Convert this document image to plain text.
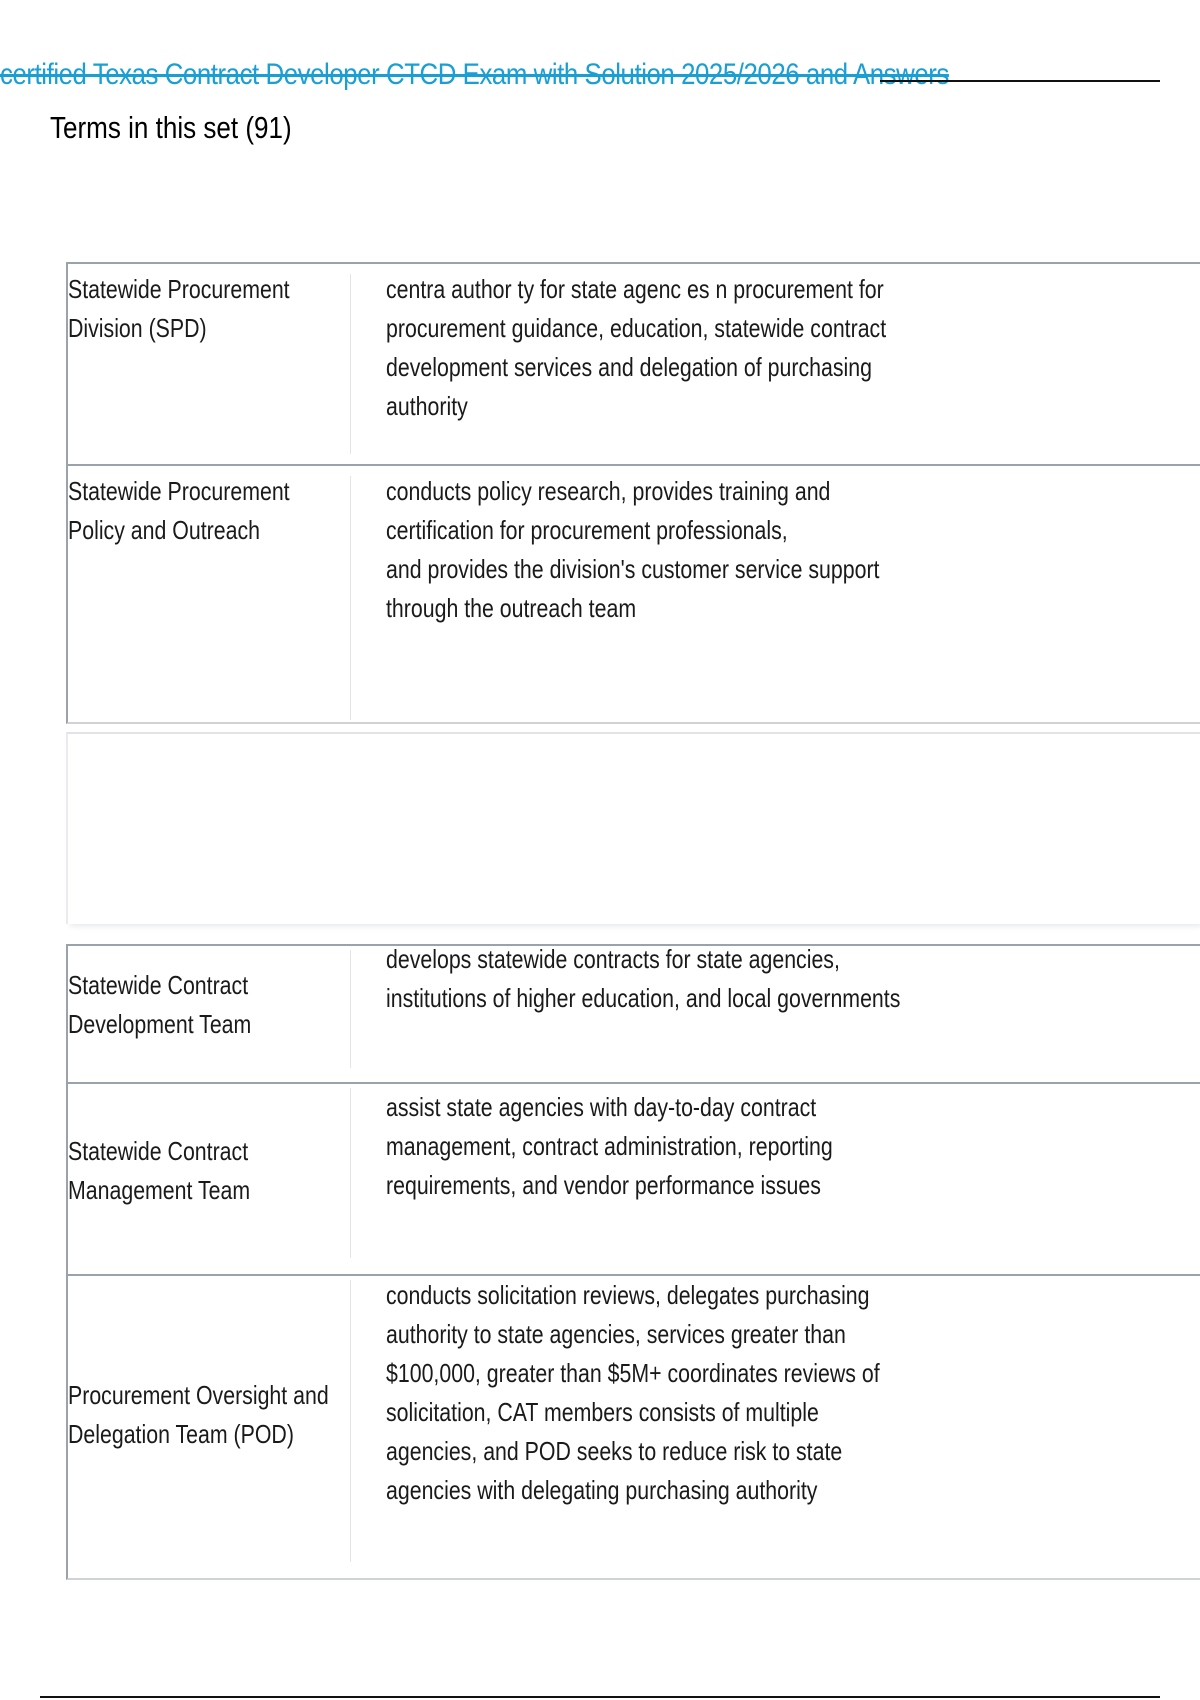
certified Texas Contract Developer CTCD Exam with Solution 2025/2026 and Answers
Terms in this set (91)

Statewide Procurement Division (SPD)

centra author ty for state agenc es n procurement for procurement guidance, education, statewide contract development services and delegation of purchasing authority

Statewide Procurement Policy and Outreach

conducts policy research, provides training and certification for procurement professionals,
and provides the division's customer service support through the outreach team

Statewide Contract Development Team

develops statewide contracts for state agencies, institutions of higher education, and local governments

Statewide Contract Management Team

assist state agencies with day-to-day contract management, contract administration, reporting requirements, and vendor performance issues

Procurement Oversight and Delegation Team (POD)

conducts solicitation reviews, delegates purchasing authority to state agencies, services greater than $100,000, greater than $5M+ coordinates reviews of solicitation, CAT members consists of multiple agencies, and POD seeks to reduce risk to state agencies with delegating purchasing authority
